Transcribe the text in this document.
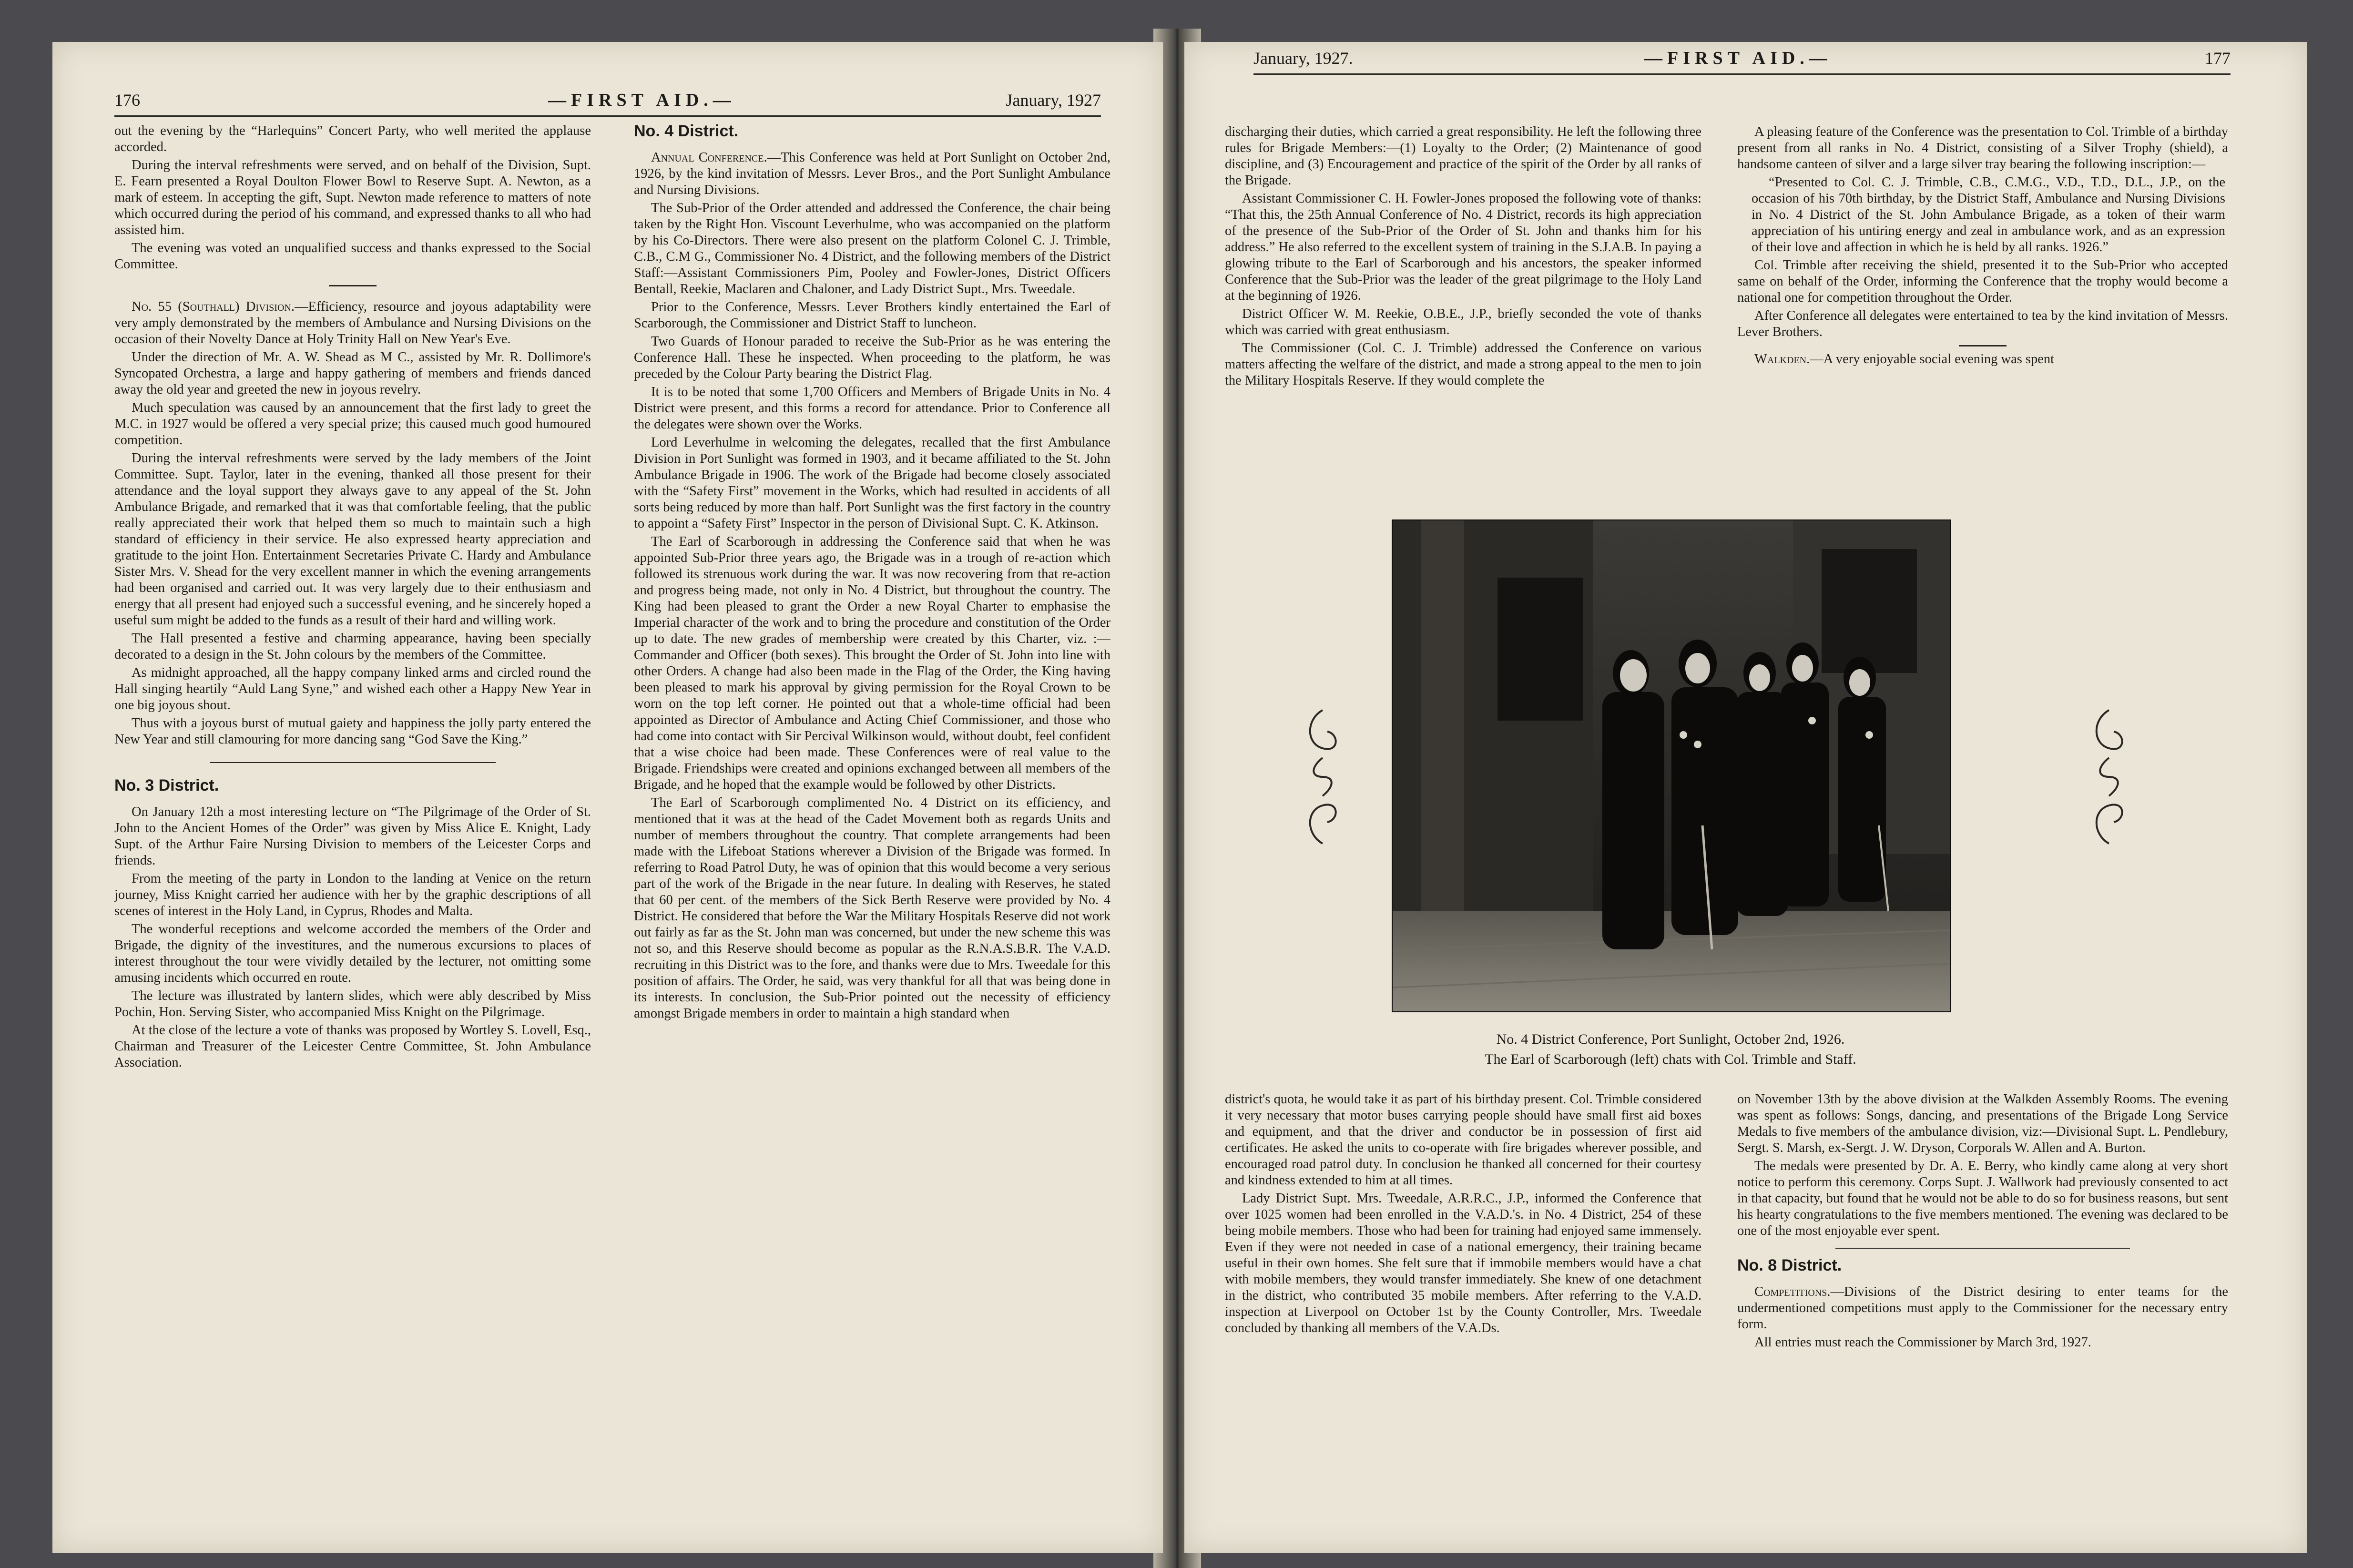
176	—FIRST AID.—	January, 1927

out the evening by the “Harlequins” Concert Party, who well merited the applause accorded.

During the interval refreshments were served, and on behalf of the Division, Supt. E. Fearn presented a Royal Doulton Flower Bowl to Reserve Supt. A. Newton, as a mark of esteem. In accepting the gift, Supt. Newton made reference to matters of note which occurred during the period of his command, and expressed thanks to all who had assisted him.

The evening was voted an unqualified success and thanks expressed to the Social Committee.

No. 55 (Southall) Division.—Efficiency, resource and joyous adaptability were very amply demonstrated by the members of Ambulance and Nursing Divisions on the occasion of their Novelty Dance at Holy Trinity Hall on New Year's Eve.

Under the direction of Mr. A. W. Shead as M C., assisted by Mr. R. Dollimore's Syncopated Orchestra, a large and happy gathering of members and friends danced away the old year and greeted the new in joyous revelry.

Much speculation was caused by an announcement that the first lady to greet the M.C. in 1927 would be offered a very special prize; this caused much good humoured competition.

During the interval refreshments were served by the lady members of the Joint Committee. Supt. Taylor, later in the evening, thanked all those present for their attendance and the loyal support they always gave to any appeal of the St. John Ambulance Brigade, and remarked that it was that comfortable feeling, that the public really appreciated their work that helped them so much to maintain such a high standard of efficiency in their service. He also expressed hearty appreciation and gratitude to the joint Hon. Entertainment Secretaries Private C. Hardy and Ambulance Sister Mrs. V. Shead for the very excellent manner in which the evening arrangements had been organised and carried out. It was very largely due to their enthusiasm and energy that all present had enjoyed such a successful evening, and he sincerely hoped a useful sum might be added to the funds as a result of their hard and willing work.

The Hall presented a festive and charming appearance, having been specially decorated to a design in the St. John colours by the members of the Committee.

As midnight approached, all the happy company linked arms and circled round the Hall singing heartily “Auld Lang Syne,” and wished each other a Happy New Year in one big joyous shout.

Thus with a joyous burst of mutual gaiety and happiness the jolly party entered the New Year and still clamouring for more dancing sang “God Save the King.”

No. 3 District.

On January 12th a most interesting lecture on “The Pilgrimage of the Order of St. John to the Ancient Homes of the Order” was given by Miss Alice E. Knight, Lady Supt. of the Arthur Faire Nursing Division to members of the Leicester Corps and friends.

From the meeting of the party in London to the landing at Venice on the return journey, Miss Knight carried her audience with her by the graphic descriptions of all scenes of interest in the Holy Land, in Cyprus, Rhodes and Malta.

The wonderful receptions and welcome accorded the members of the Order and Brigade, the dignity of the investitures, and the numerous excursions to places of interest throughout the tour were vividly detailed by the lecturer, not omitting some amusing incidents which occurred en route.

The lecture was illustrated by lantern slides, which were ably described by Miss Pochin, Hon. Serving Sister, who accompanied Miss Knight on the Pilgrimage.

At the close of the lecture a vote of thanks was proposed by Wortley S. Lovell, Esq., Chairman and Treasurer of the Leicester Centre Committee, St. John Ambulance Association.

No. 4 District.

Annual Conference.—This Conference was held at Port Sunlight on October 2nd, 1926, by the kind invitation of Messrs. Lever Bros., and the Port Sunlight Ambulance and Nursing Divisions.

The Sub-Prior of the Order attended and addressed the Conference, the chair being taken by the Right Hon. Viscount Leverhulme, who was accompanied on the platform by his Co-Directors. There were also present on the platform Colonel C. J. Trimble, C.B., C.M G., Commissioner No. 4 District, and the following members of the District Staff:—Assistant Commissioners Pim, Pooley and Fowler-Jones, District Officers Bentall, Reekie, Maclaren and Chaloner, and Lady District Supt., Mrs. Tweedale.

Prior to the Conference, Messrs. Lever Brothers kindly entertained the Earl of Scarborough, the Commissioner and District Staff to luncheon.

Two Guards of Honour paraded to receive the Sub-Prior as he was entering the Conference Hall. These he inspected. When proceeding to the platform, he was preceded by the Colour Party bearing the District Flag.

It is to be noted that some 1,700 Officers and Members of Brigade Units in No. 4 District were present, and this forms a record for attendance. Prior to Conference all the delegates were shown over the Works.

Lord Leverhulme in welcoming the delegates, recalled that the first Ambulance Division in Port Sunlight was formed in 1903, and it became affiliated to the St. John Ambulance Brigade in 1906. The work of the Brigade had become closely associated with the “Safety First” movement in the Works, which had resulted in accidents of all sorts being reduced by more than half. Port Sunlight was the first factory in the country to appoint a “Safety First” Inspector in the person of Divisional Supt. C. K. Atkinson.

The Earl of Scarborough in addressing the Conference said that when he was appointed Sub-Prior three years ago, the Brigade was in a trough of re-action which followed its strenuous work during the war. It was now recovering from that re-action and progress being made, not only in No. 4 District, but throughout the country. The King had been pleased to grant the Order a new Royal Charter to emphasise the Imperial character of the work and to bring the procedure and constitution of the Order up to date. The new grades of membership were created by this Charter, viz. :—Commander and Officer (both sexes). This brought the Order of St. John into line with other Orders. A change had also been made in the Flag of the Order, the King having been pleased to mark his approval by giving permission for the Royal Crown to be worn on the top left corner. He pointed out that a whole-time official had been appointed as Director of Ambulance and Acting Chief Commissioner, and those who had come into contact with Sir Percival Wilkinson would, without doubt, feel confident that a wise choice had been made. These Conferences were of real value to the Brigade. Friendships were created and opinions exchanged between all members of the Brigade, and he hoped that the example would be followed by other Districts.

The Earl of Scarborough complimented No. 4 District on its efficiency, and mentioned that it was at the head of the Cadet Movement both as regards Units and number of members throughout the country. That complete arrangements had been made with the Lifeboat Stations wherever a Division of the Brigade was formed. In referring to Road Patrol Duty, he was of opinion that this would become a very serious part of the work of the Brigade in the near future. In dealing with Reserves, he stated that 60 per cent. of the members of the Sick Berth Reserve were provided by No. 4 District. He considered that before the War the Military Hospitals Reserve did not work out fairly as far as the St. John man was concerned, but under the new scheme this was not so, and this Reserve should become as popular as the R.N.A.S.B.R. The V.A.D. recruiting in this District was to the fore, and thanks were due to Mrs. Tweedale for this position of affairs. The Order, he said, was very thankful for all that was being done in its interests. In conclusion, the Sub-Prior pointed out the necessity of efficiency amongst Brigade members in order to maintain a high standard when

January, 1927.	—FIRST AID.—	177

discharging their duties, which carried a great responsibility. He left the following three rules for Brigade Members:—(1) Loyalty to the Order; (2) Maintenance of good discipline, and (3) Encouragement and practice of the spirit of the Order by all ranks of the Brigade.

Assistant Commissioner C. H. Fowler-Jones proposed the following vote of thanks: “That this, the 25th Annual Conference of No. 4 District, records its high appreciation of the presence of the Sub-Prior of the Order of St. John and thanks him for his address.” He also referred to the excellent system of training in the S.J.A.B. In paying a glowing tribute to the Earl of Scarborough and his ancestors, the speaker informed Conference that the Sub-Prior was the leader of the great pilgrimage to the Holy Land at the beginning of 1926.

District Officer W. M. Reekie, O.B.E., J.P., briefly seconded the vote of thanks which was carried with great enthusiasm.

The Commissioner (Col. C. J. Trimble) addressed the Conference on various matters affecting the welfare of the district, and made a strong appeal to the men to join the Military Hospitals Reserve. If they would complete the

A pleasing feature of the Conference was the presentation to Col. Trimble of a birthday present from all ranks in No. 4 District, consisting of a Silver Trophy (shield), a handsome canteen of silver and a large silver tray bearing the following inscription:—

“Presented to Col. C. J. Trimble, C.B., C.M.G., V.D., T.D., D.L., J.P., on the occasion of his 70th birthday, by the District Staff, Ambulance and Nursing Divisions in No. 4 District of the St. John Ambulance Brigade, as a token of their warm appreciation of his untiring energy and zeal in ambulance work, and as an expression of their love and affection in which he is held by all ranks. 1926.”

Col. Trimble after receiving the shield, presented it to the Sub-Prior who accepted same on behalf of the Order, informing the Conference that the trophy would become a national one for competition throughout the Order.

After Conference all delegates were entertained to tea by the kind invitation of Messrs. Lever Brothers.

Walkden.—A very enjoyable social evening was spent

No. 4 District Conference, Port Sunlight, October 2nd, 1926.
The Earl of Scarborough (left) chats with Col. Trimble and Staff.

district's quota, he would take it as part of his birthday present. Col. Trimble considered it very necessary that motor buses carrying people should have small first aid boxes and equipment, and that the driver and conductor be in possession of first aid certificates. He asked the units to co-operate with fire brigades wherever possible, and encouraged road patrol duty. In conclusion he thanked all concerned for their courtesy and kindness extended to him at all times.

Lady District Supt. Mrs. Tweedale, A.R.R.C., J.P., informed the Conference that over 1025 women had been enrolled in the V.A.D.'s. in No. 4 District, 254 of these being mobile members. Those who had been for training had enjoyed same immensely. Even if they were not needed in case of a national emergency, their training became useful in their own homes. She felt sure that if immobile members would have a chat with mobile members, they would transfer immediately. She knew of one detachment in the district, who contributed 35 mobile members. After referring to the V.A.D. inspection at Liverpool on October 1st by the County Controller, Mrs. Tweedale concluded by thanking all members of the V.A.Ds.

on November 13th by the above division at the Walkden Assembly Rooms. The evening was spent as follows: Songs, dancing, and presentations of the Brigade Long Service Medals to five members of the ambulance division, viz:—Divisional Supt. L. Pendlebury, Sergt. S. Marsh, ex-Sergt. J. W. Dryson, Corporals W. Allen and A. Burton.

The medals were presented by Dr. A. E. Berry, who kindly came along at very short notice to perform this ceremony. Corps Supt. J. Wallwork had previously consented to act in that capacity, but found that he would not be able to do so for business reasons, but sent his hearty congratulations to the five members mentioned. The evening was declared to be one of the most enjoyable ever spent.

No. 8 District.

Competitions.—Divisions of the District desiring to enter teams for the undermentioned competitions must apply to the Commissioner for the necessary entry form.

All entries must reach the Commissioner by March 3rd, 1927.
